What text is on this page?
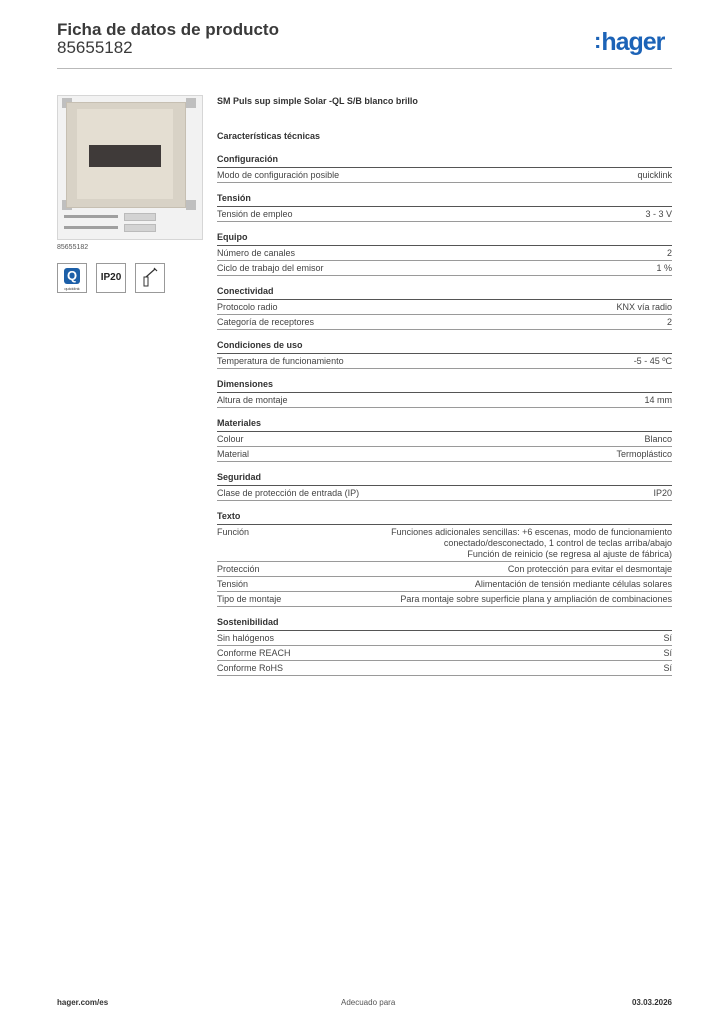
Ficha de datos de producto
85655182	:hager
85655182
Q
quicklink
IP20
SM Puls sup simple Solar -QL S/B blanco brillo
Características técnicas
Configuración
Modo de configuración posible	quicklink
Tensión
Tensión de empleo	3 - 3 V
Equipo
Número de canales	2
Ciclo de trabajo del emisor	1 %
Conectividad
Protocolo radio	KNX vía radio
Categoría de receptores	2
Condiciones de uso
Temperatura de funcionamiento	-5 - 45 ºC
Dimensiones
Altura de montaje	14 mm
Materiales
Colour	Blanco
Material	Termoplástico
Seguridad
Clase de protección de entrada (IP)	IP20
Texto
Función	Funciones adicionales sencillas: +6 escenas, modo de funcionamiento
conectado/desconectado, 1 control de teclas arriba/abajo
Función de reinicio (se regresa al ajuste de fábrica)
Protección	Con protección para evitar el desmontaje
Tensión	Alimentación de tensión mediante células solares
Tipo de montaje	Para montaje sobre superficie plana y ampliación de combinaciones
Sostenibilidad
Sin halógenos	Sí
Conforme REACH	Sí
Conforme RoHS	Sí
hager.com/es	Adecuado para	03.03.2026
